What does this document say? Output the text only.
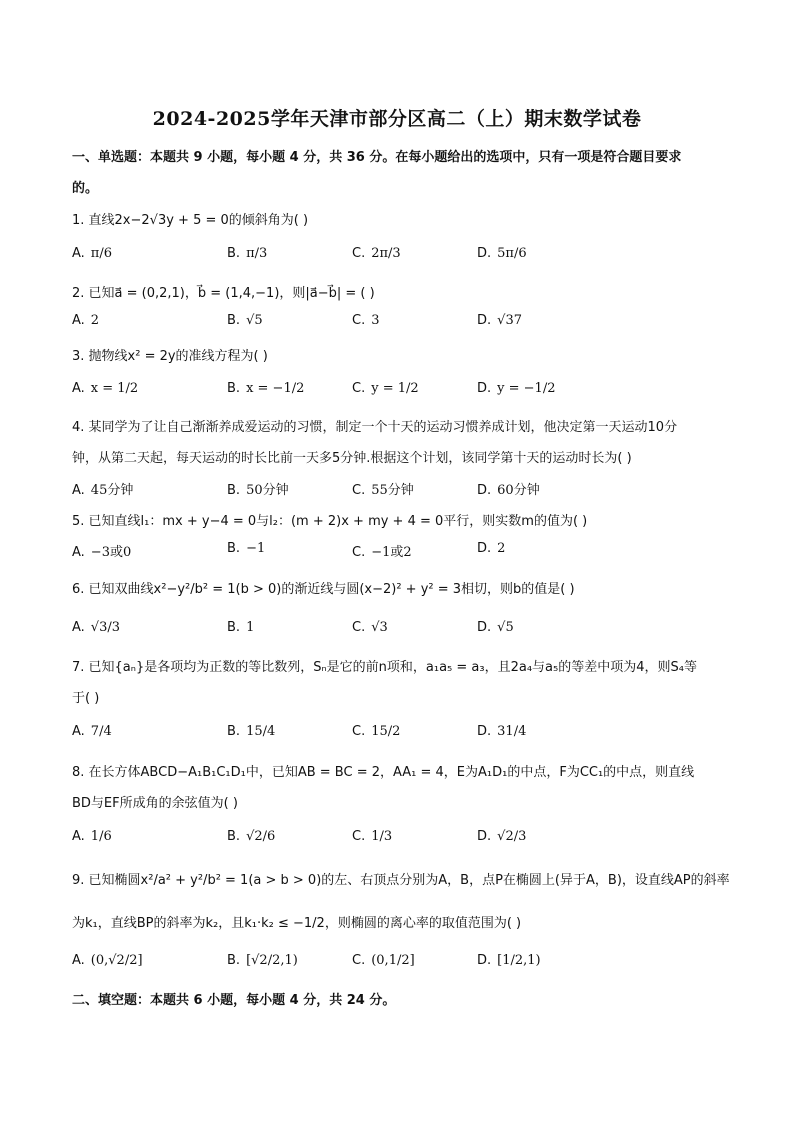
2024-2025学年天津市部分区高二（上）期末数学试卷
一、单选题：本题共 9 小题，每小题 4 分，共 36 分。在每小题给出的选项中，只有一项是符合题目要求
的。
1. 直线2x−2√3y + 5 = 0的倾斜角为( )
A. π/6	B. π/3	C. 2π/3	D. 5π/6
2. 已知a⃗ = (0,2,1)，b⃗ = (1,4,−1)，则|a⃗−b⃗| = ( )
A. 2	B. √5	C. 3	D. √37
3. 抛物线x² = 2y的准线方程为( )
A. x = 1/2	B. x = −1/2	C. y = 1/2	D. y = −1/2
4. 某同学为了让自己渐渐养成爱运动的习惯，制定一个十天的运动习惯养成计划，他决定第一天运动10分
钟，从第二天起，每天运动的时长比前一天多5分钟.根据这个计划，该同学第十天的运动时长为( )
A. 45分钟	B. 50分钟	C. 55分钟	D. 60分钟
5. 已知直线l₁：mx + y−4 = 0与l₂：(m + 2)x + my + 4 = 0平行，则实数m的值为( )
A. −3或0	B. −1	C. −1或2	D. 2
6. 已知双曲线x²−y²/b² = 1(b > 0)的渐近线与圆(x−2)² + y² = 3相切，则b的值是( )
A. √3/3	B. 1	C. √3	D. √5
7. 已知{aₙ}是各项均为正数的等比数列，Sₙ是它的前n项和，a₁a₅ = a₃，且2a₄与a₅的等差中项为4，则S₄等
于( )
A. 7/4	B. 15/4	C. 15/2	D. 31/4
8. 在长方体ABCD−A₁B₁C₁D₁中，已知AB = BC = 2，AA₁ = 4，E为A₁D₁的中点，F为CC₁的中点，则直线
BD与EF所成角的余弦值为( )
A. 1/6	B. √2/6	C. 1/3	D. √2/3
9. 已知椭圆x²/a² + y²/b² = 1(a > b > 0)的左、右顶点分别为A，B，点P在椭圆上(异于A，B)，设直线AP的斜率
为k₁，直线BP的斜率为k₂，且k₁·k₂ ≤ −1/2，则椭圆的离心率的取值范围为( )
A. (0,√2/2]	B. [√2/2,1)	C. (0,1/2]	D. [1/2,1)
二、填空题：本题共 6 小题，每小题 4 分，共 24 分。
